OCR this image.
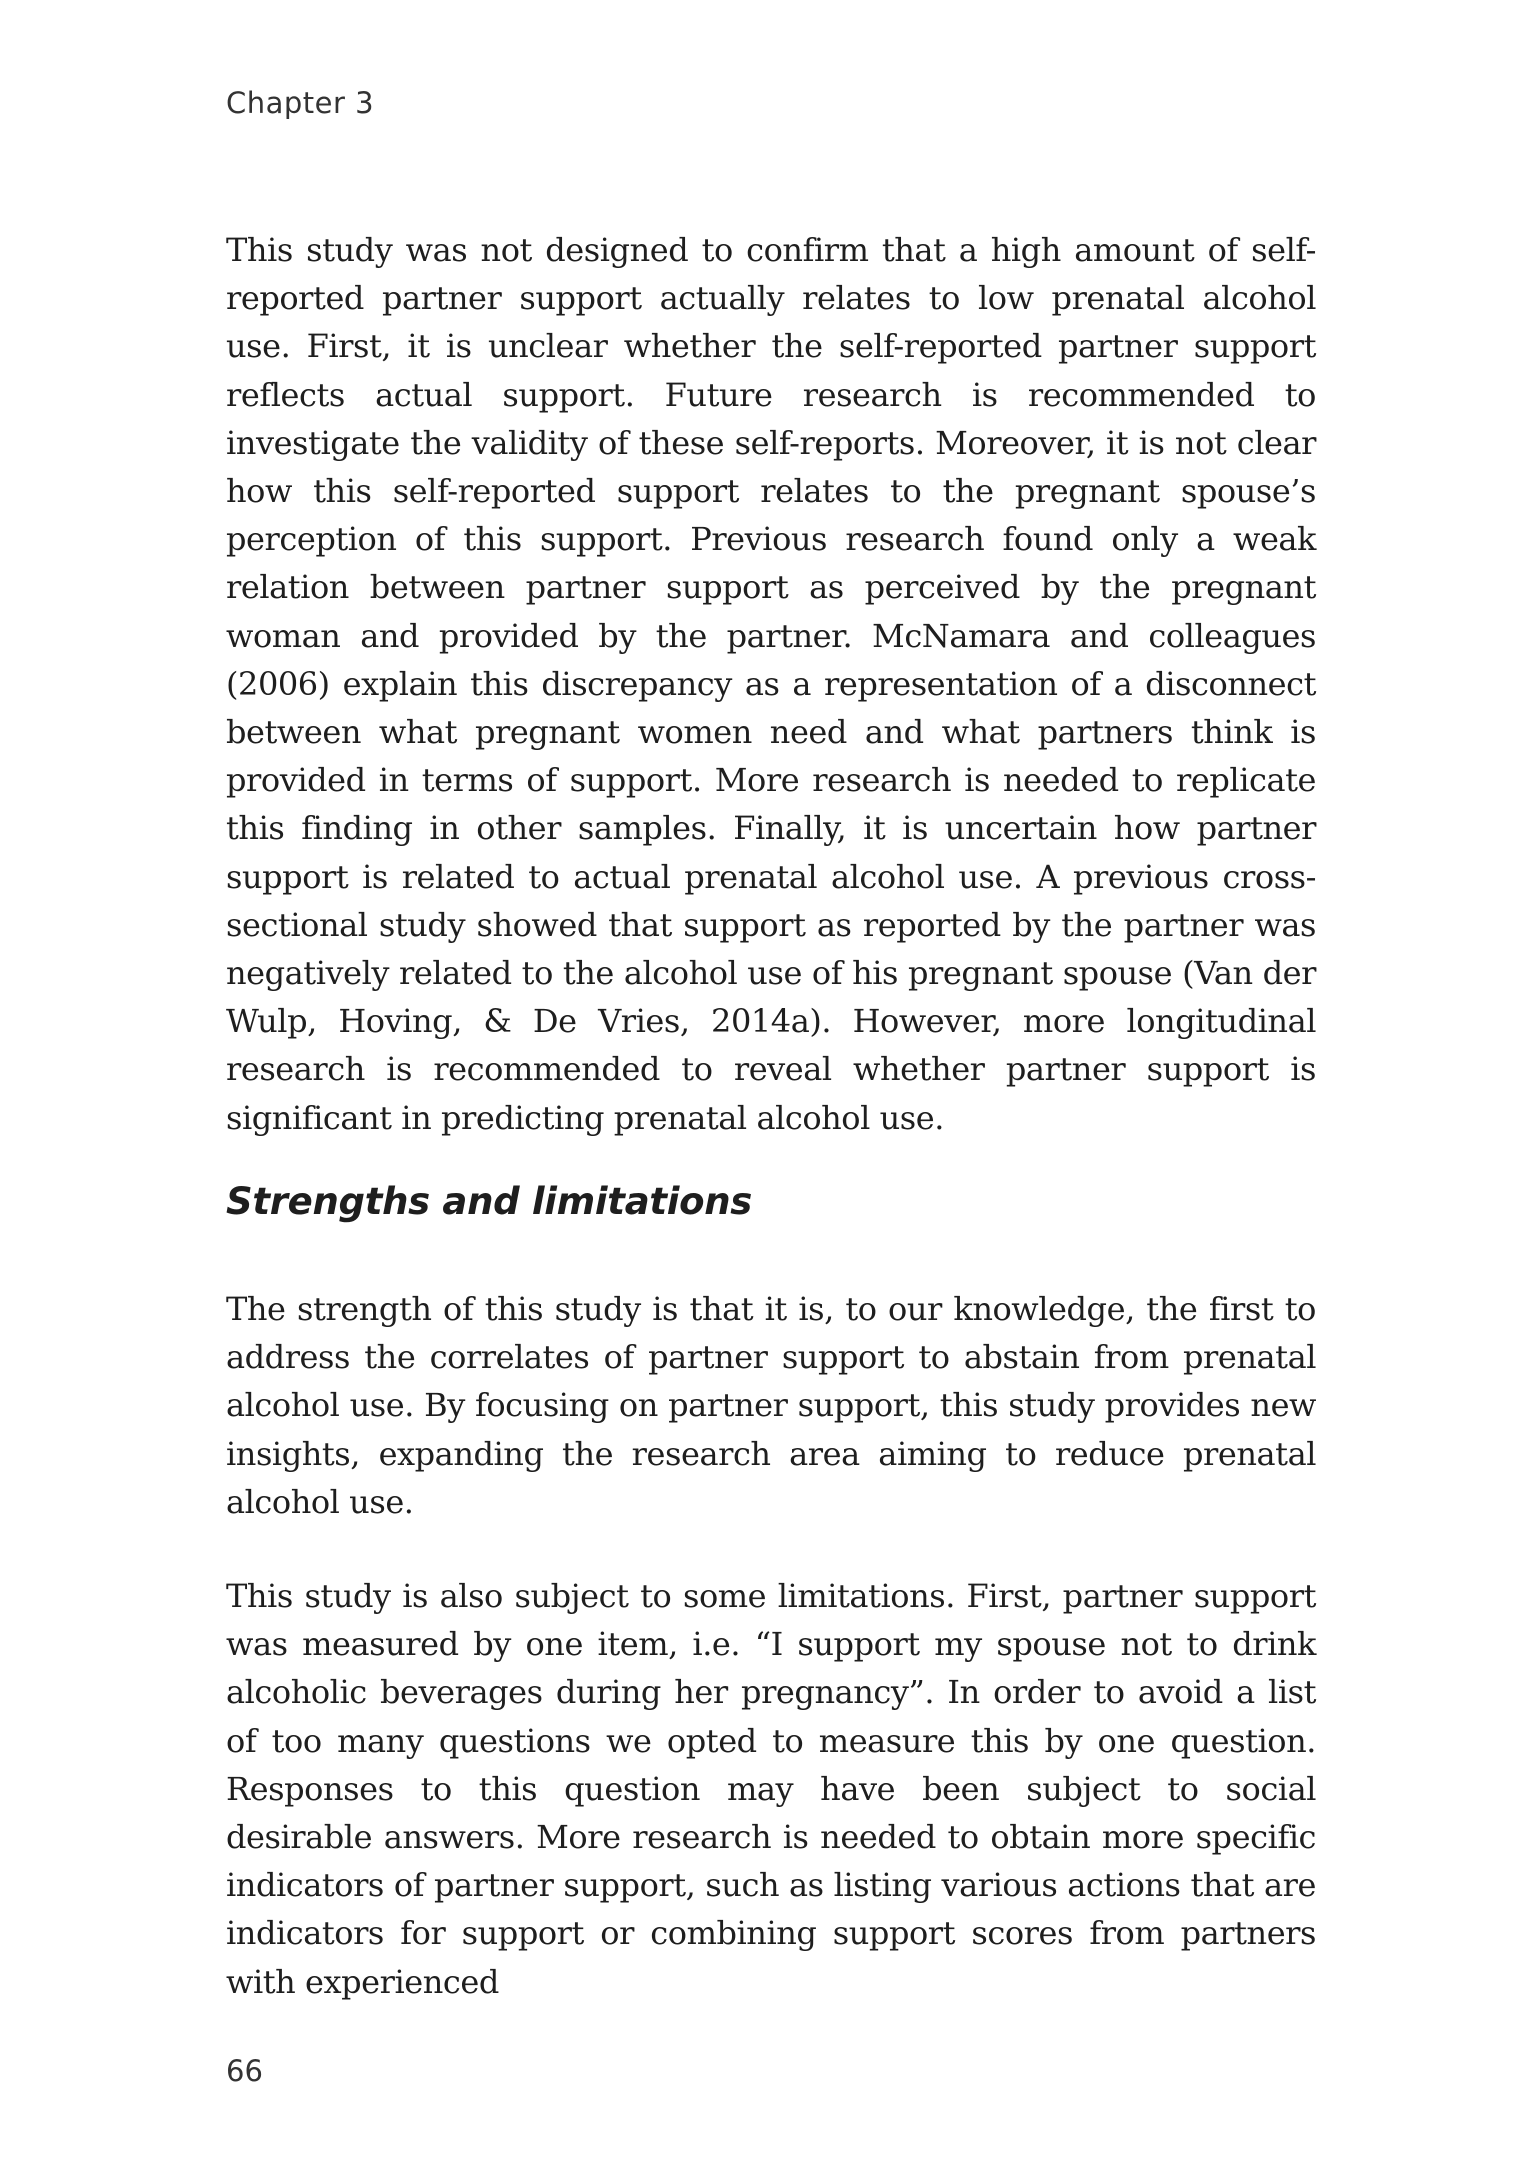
Chapter 3

This study was not designed to confirm that a high amount of self-reported partner support actually relates to low prenatal alcohol use. First, it is unclear whether the self-reported partner support reflects actual support. Future research is recommended to investigate the validity of these self-reports. Moreover, it is not clear how this self-reported support relates to the pregnant spouse’s perception of this support. Previous research found only a weak relation between partner support as perceived by the pregnant woman and provided by the partner. McNamara and colleagues (2006) explain this discrepancy as a representation of a disconnect between what pregnant women need and what partners think is provided in terms of support. More research is needed to replicate this finding in other samples. Finally, it is uncertain how partner support is related to actual prenatal alcohol use. A previous cross-sectional study showed that support as reported by the partner was negatively related to the alcohol use of his pregnant spouse (Van der Wulp, Hoving, & De Vries, 2014a). However, more longitudinal research is recommended to reveal whether partner support is significant in predicting prenatal alcohol use.

Strengths and limitations

The strength of this study is that it is, to our knowledge, the first to address the correlates of partner support to abstain from prenatal alcohol use. By focusing on partner support, this study provides new insights, expanding the research area aiming to reduce prenatal alcohol use.

This study is also subject to some limitations. First, partner support was measured by one item, i.e. “I support my spouse not to drink alcoholic beverages during her pregnancy”. In order to avoid a list of too many questions we opted to measure this by one question. Responses to this question may have been subject to social desirable answers. More research is needed to obtain more specific indicators of partner support, such as listing various actions that are indicators for support or combining support scores from partners with experienced

66
